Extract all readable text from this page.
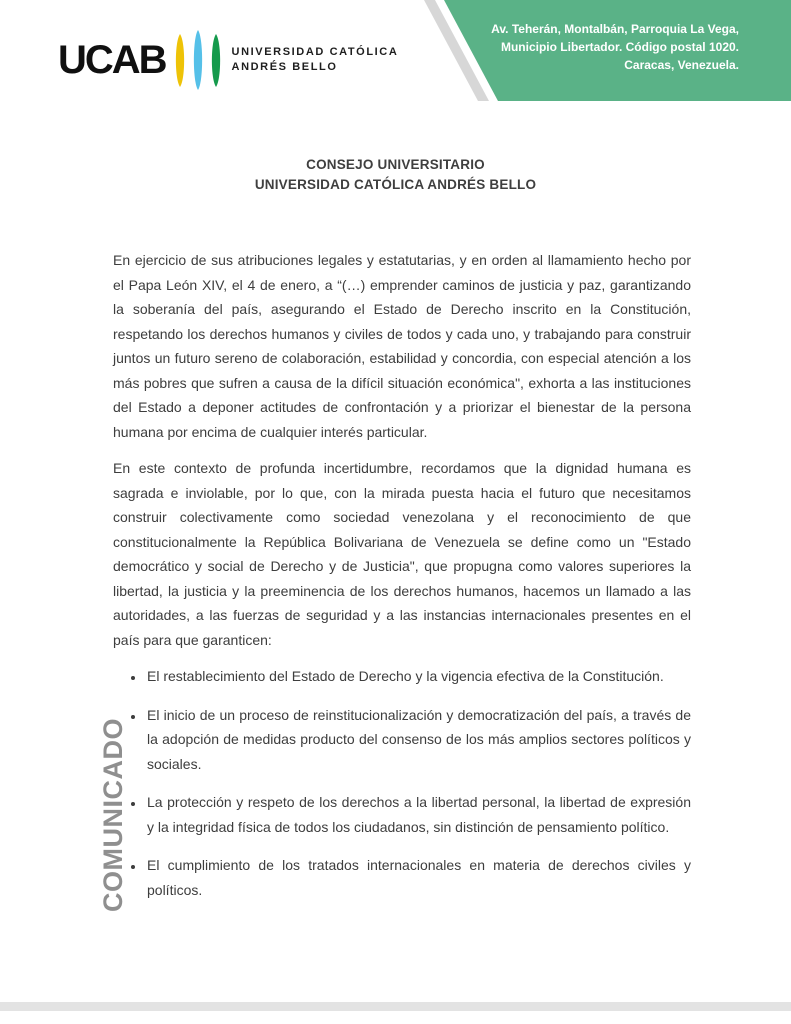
UCAB	UNIVERSIDAD CATÓLICA
ANDRÉS BELLO
Av. Teherán, Montalbán, Parroquia La Vega,
Municipio Libertador. Código postal 1020.
Caracas, Venezuela.
CONSEJO UNIVERSITARIO
UNIVERSIDAD CATÓLICA ANDRÉS BELLO
COMUNICADO

En ejercicio de sus atribuciones legales y estatutarias, y en orden al llamamiento hecho por el Papa León XIV, el 4 de enero, a “(…) emprender caminos de justicia y paz, garantizando la soberanía del país, asegurando el Estado de Derecho inscrito en la Constitución, respetando los derechos humanos y civiles de todos y cada uno, y trabajando para construir juntos un futuro sereno de colaboración, estabilidad y concordia, con especial atención a los más pobres que sufren a causa de la difícil situación económica", exhorta a las instituciones del Estado a deponer actitudes de confrontación y a priorizar el bienestar de la persona humana por encima de cualquier interés particular.

En este contexto de profunda incertidumbre, recordamos que la dignidad humana es sagrada e inviolable, por lo que, con la mirada puesta hacia el futuro que necesitamos construir colectivamente como sociedad venezolana y el reconocimiento de que constitucionalmente la República Bolivariana de Venezuela se define como un "Estado democrático y social de Derecho y de Justicia", que propugna como valores superiores la libertad, la justicia y la preeminencia de los derechos humanos, hacemos un llamado a las autoridades, a las fuerzas de seguridad y a las instancias internacionales presentes en el país para que garanticen:

• El restablecimiento del Estado de Derecho y la vigencia efectiva de la Constitución.
• El inicio de un proceso de reinstitucionalización y democratización del país, a través de la adopción de medidas producto del consenso de los más amplios sectores políticos y sociales.
• La protección y respeto de los derechos a la libertad personal, la libertad de expresión y la integridad física de todos los ciudadanos, sin distinción de pensamiento político.
• El cumplimiento de los tratados internacionales en materia de derechos civiles y políticos.
